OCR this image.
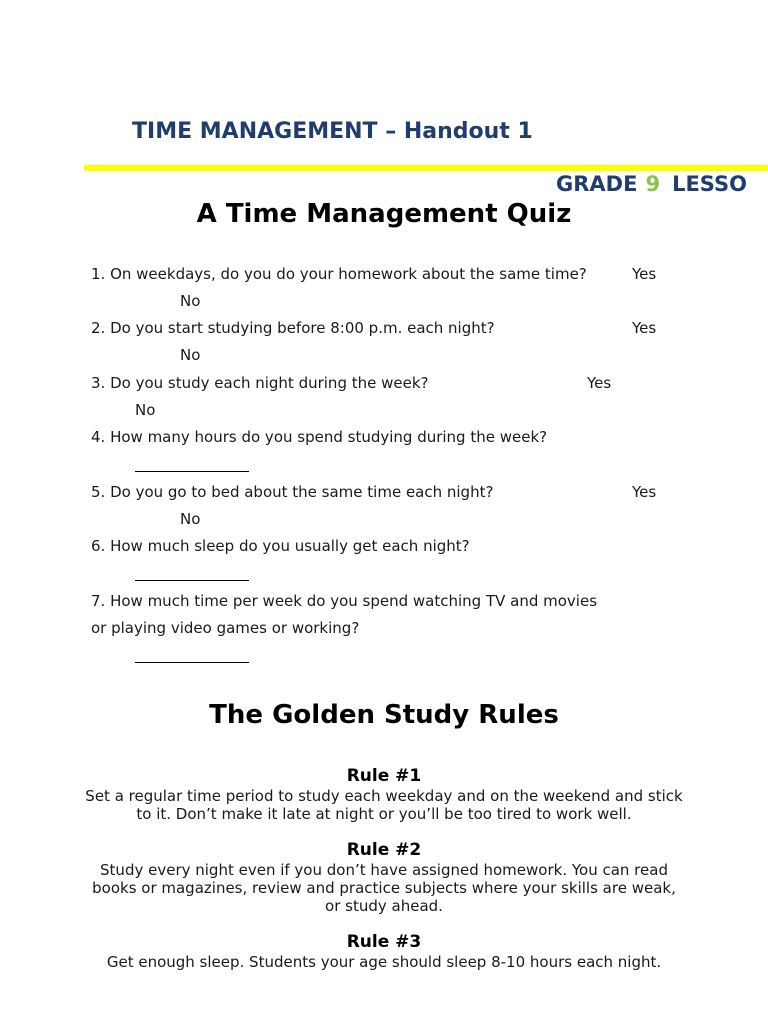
TIME MANAGEMENT – Handout 1
GRADE 9 LESSO
A Time Management Quiz
1. On weekdays, do you do your homework about the same time?	Yes
No
2. Do you start studying before 8:00 p.m. each night?	Yes
No
3. Do you study each night during the week?	Yes
No
4. How many hours do you spend studying during the week?
5. Do you go to bed about the same time each night?	Yes
No
6. How much sleep do you usually get each night?
7. How much time per week do you spend watching TV and movies
or playing video games or working?
The Golden Study Rules
Rule #1
Set a regular time period to study each weekday and on the weekend and stick to it. Don’t make it late at night or you’ll be too tired to work well.
Rule #2
Study every night even if you don’t have assigned homework. You can read books or magazines, review and practice subjects where your skills are weak, or study ahead.
Rule #3
Get enough sleep. Students your age should sleep 8-10 hours each night.
